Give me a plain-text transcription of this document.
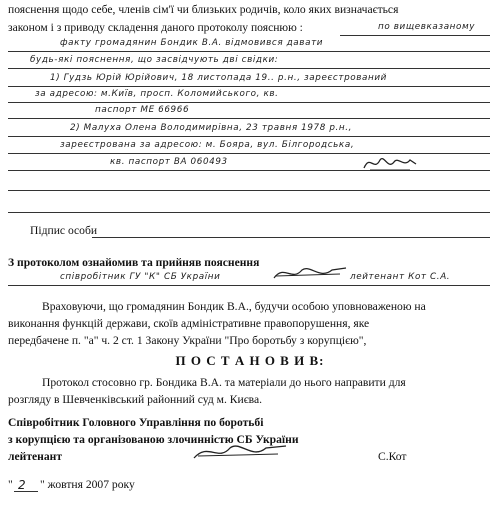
пояснення щодо себе, членів сім'ї чи близьких родичів, коло яких визначається
законом і з приводу складення даного протоколу пояснюю :	по вищевказаному
факту громадянин Бондик В.А. відмовився давати
будь-які пояснення, що засвідчують дві свідки:
1) Гудзь Юрій Юрійович, 18 листопада 19.. р.н., зареєстрований
за адресою: м.Київ, просп. Коломийського, кв.
паспорт МЕ 66966
2) Малуха Олена Володимирівна, 23 травня 1978 р.н.,
зареєстрована за адресою: м. Бояра, вул. Білгородська,
кв. паспорт ВА 060493
Підпис особи
З протоколом ознайомив та прийняв пояснення
співробітник ГУ "К" СБ України	лейтенант Кот С.А.
Враховуючи, що громадянин Бондик В.А., будучи особою уповноваженою на
виконання функцій держави, скоїв адміністративне правопорушення, яке
передбачене п. "а" ч. 2 ст. 1 Закону України "Про боротьбу з корупцією",
П О С Т А Н О В И В:
Протокол стосовно гр. Бондика В.А. та матеріали до нього направити для
розгляду в Шевченківський районний суд м. Києва.
Співробітник Головного Управління по боротьбі
з корупцією та організованою злочинністю СБ України
лейтенант	С.Кот
" 2 " жовтня 2007 року
